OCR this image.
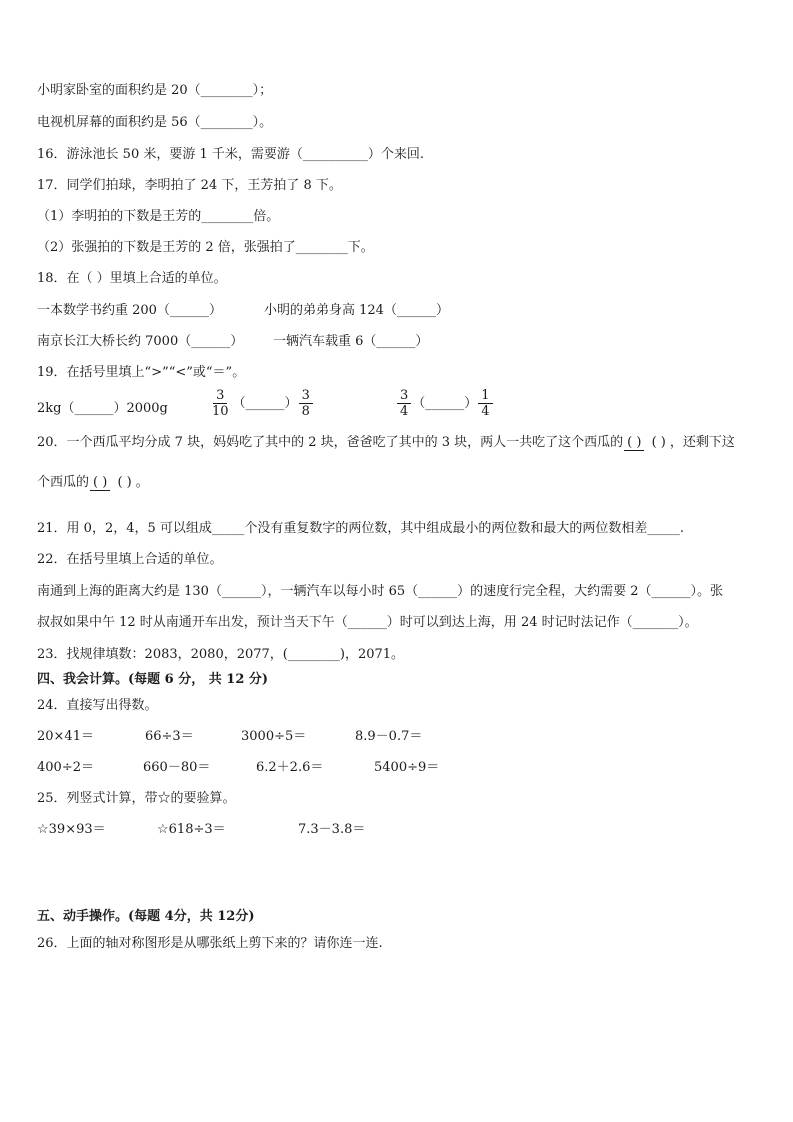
小明家卧室的面积约是 20（________）；
电视机屏幕的面积约是 56（________）。
16．游泳池长 50 米，要游 1 千米，需要游（__________）个来回.
17．同学们拍球，李明拍了 24 下，王芳拍了 8 下。
（1）李明拍的下数是王芳的________倍。
（2）张强拍的下数是王芳的 2 倍，张强拍了________下。
18．在（ ）里填上合适的单位。
一本数学书约重 200（______）	小明的弟弟身高 124（______）
南京长江大桥长约 7000（______） 一辆汽车载重 6（______）
19．在括号里填上“>”“<”或“＝”。
2kg（______）2000g	$\frac{3}{10}$ （______） $\frac{3}{8}$	$\frac{3}{4}$ （______） $\frac{1}{4}$
20．一个西瓜平均分成 7 块，妈妈吃了其中的 2 块，爸爸吃了其中的 3 块，两人一共吃了这个西瓜的 ( ) ( ) ，还剩下这
个西瓜的 ( ) ( ) 。
21．用 0，2，4，5 可以组成_____个没有重复数字的两位数，其中组成最小的两位数和最大的两位数相差_____.
22．在括号里填上合适的单位。
南通到上海的距离大约是 130（______），一辆汽车以每小时 65（______）的速度行完全程，大约需要 2（______）。张
叔叔如果中午 12 时从南通开车出发，预计当天下午（______）时可以到达上海，用 24 时记时法记作（_______）。
23．找规律填数：2083，2080，2077，(________)，2071。
四、我会计算。(每题 6 分， 共 12 分)
24．直接写出得数。
20×41＝	66÷3＝	3000÷5＝	8.9－0.7＝
400÷2＝	660－80＝	6.2＋2.6＝	5400÷9＝
25．列竖式计算，带☆的要验算。
☆39×93＝	☆618÷3＝	7.3－3.8＝
五、动手操作。(每题 4分，共 12分)
26．上面的轴对称图形是从哪张纸上剪下来的？请你连一连.
